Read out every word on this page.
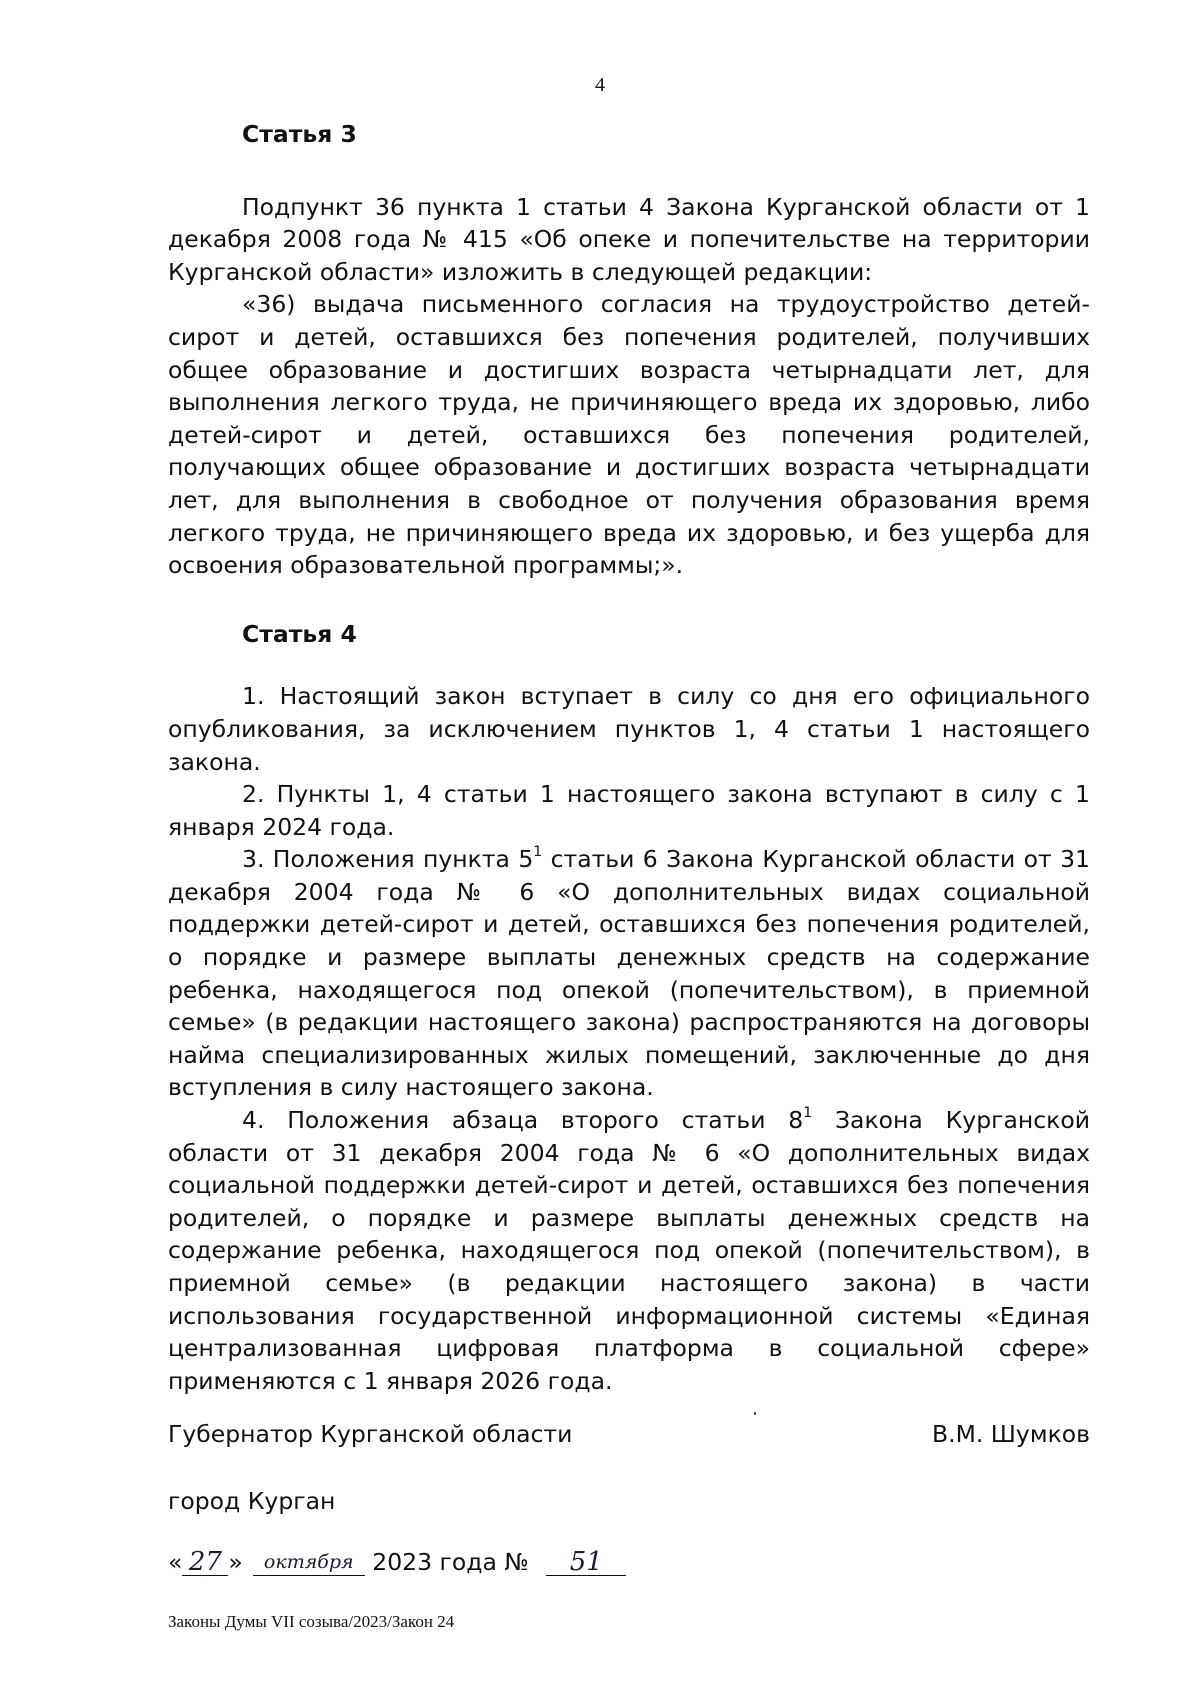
4
Статья 3

Подпункт 36 пункта 1 статьи 4 Закона Курганской области от 1 декабря 2008 года № 415 «Об опеке и попечительстве на территории Курганской области» изложить в следующей редакции:

«36) выдача письменного согласия на трудоустройство детей-сирот и детей, оставшихся без попечения родителей, получивших общее образование и достигших возраста четырнадцати лет, для выполнения легкого труда, не причиняющего вреда их здоровью, либо детей-сирот и детей, оставшихся без попечения родителей, получающих общее образование и достигших возраста четырнадцати лет, для выполнения в свободное от получения образования время легкого труда, не причиняющего вреда их здоровью, и без ущерба для освоения образовательной программы;».

Статья 4

1. Настоящий закон вступает в силу со дня его официального опубликования, за исключением пунктов 1, 4 статьи 1 настоящего закона.

2. Пункты 1, 4 статьи 1 настоящего закона вступают в силу с 1 января 2024 года.

3. Положения пункта $5^1$ статьи 6 Закона Курганской области от 31 декабря 2004 года № 6 «О дополнительных видах социальной поддержки детей-сирот и детей, оставшихся без попечения родителей, о порядке и размере выплаты денежных средств на содержание ребенка, находящегося под опекой (попечительством), в приемной семье» (в редакции настоящего закона) распространяются на договоры найма специализированных жилых помещений, заключенные до дня вступления в силу настоящего закона.

4. Положения абзаца второго статьи $8^1$ Закона Курганской области от 31 декабря 2004 года № 6 «О дополнительных видах социальной поддержки детей-сирот и детей, оставшихся без попечения родителей, о порядке и размере выплаты денежных средств на содержание ребенка, находящегося под опекой (попечительством), в приемной семье» (в редакции настоящего закона) в части использования государственной информационной системы «Единая централизованная цифровая платформа в социальной сфере» применяются с 1 января 2026 года.

Губернатор Курганской области	В.М. Шумков
город Курган
« 27 »	октября 2023 года №	51
Законы Думы VII созыва/2023/Закон 24
